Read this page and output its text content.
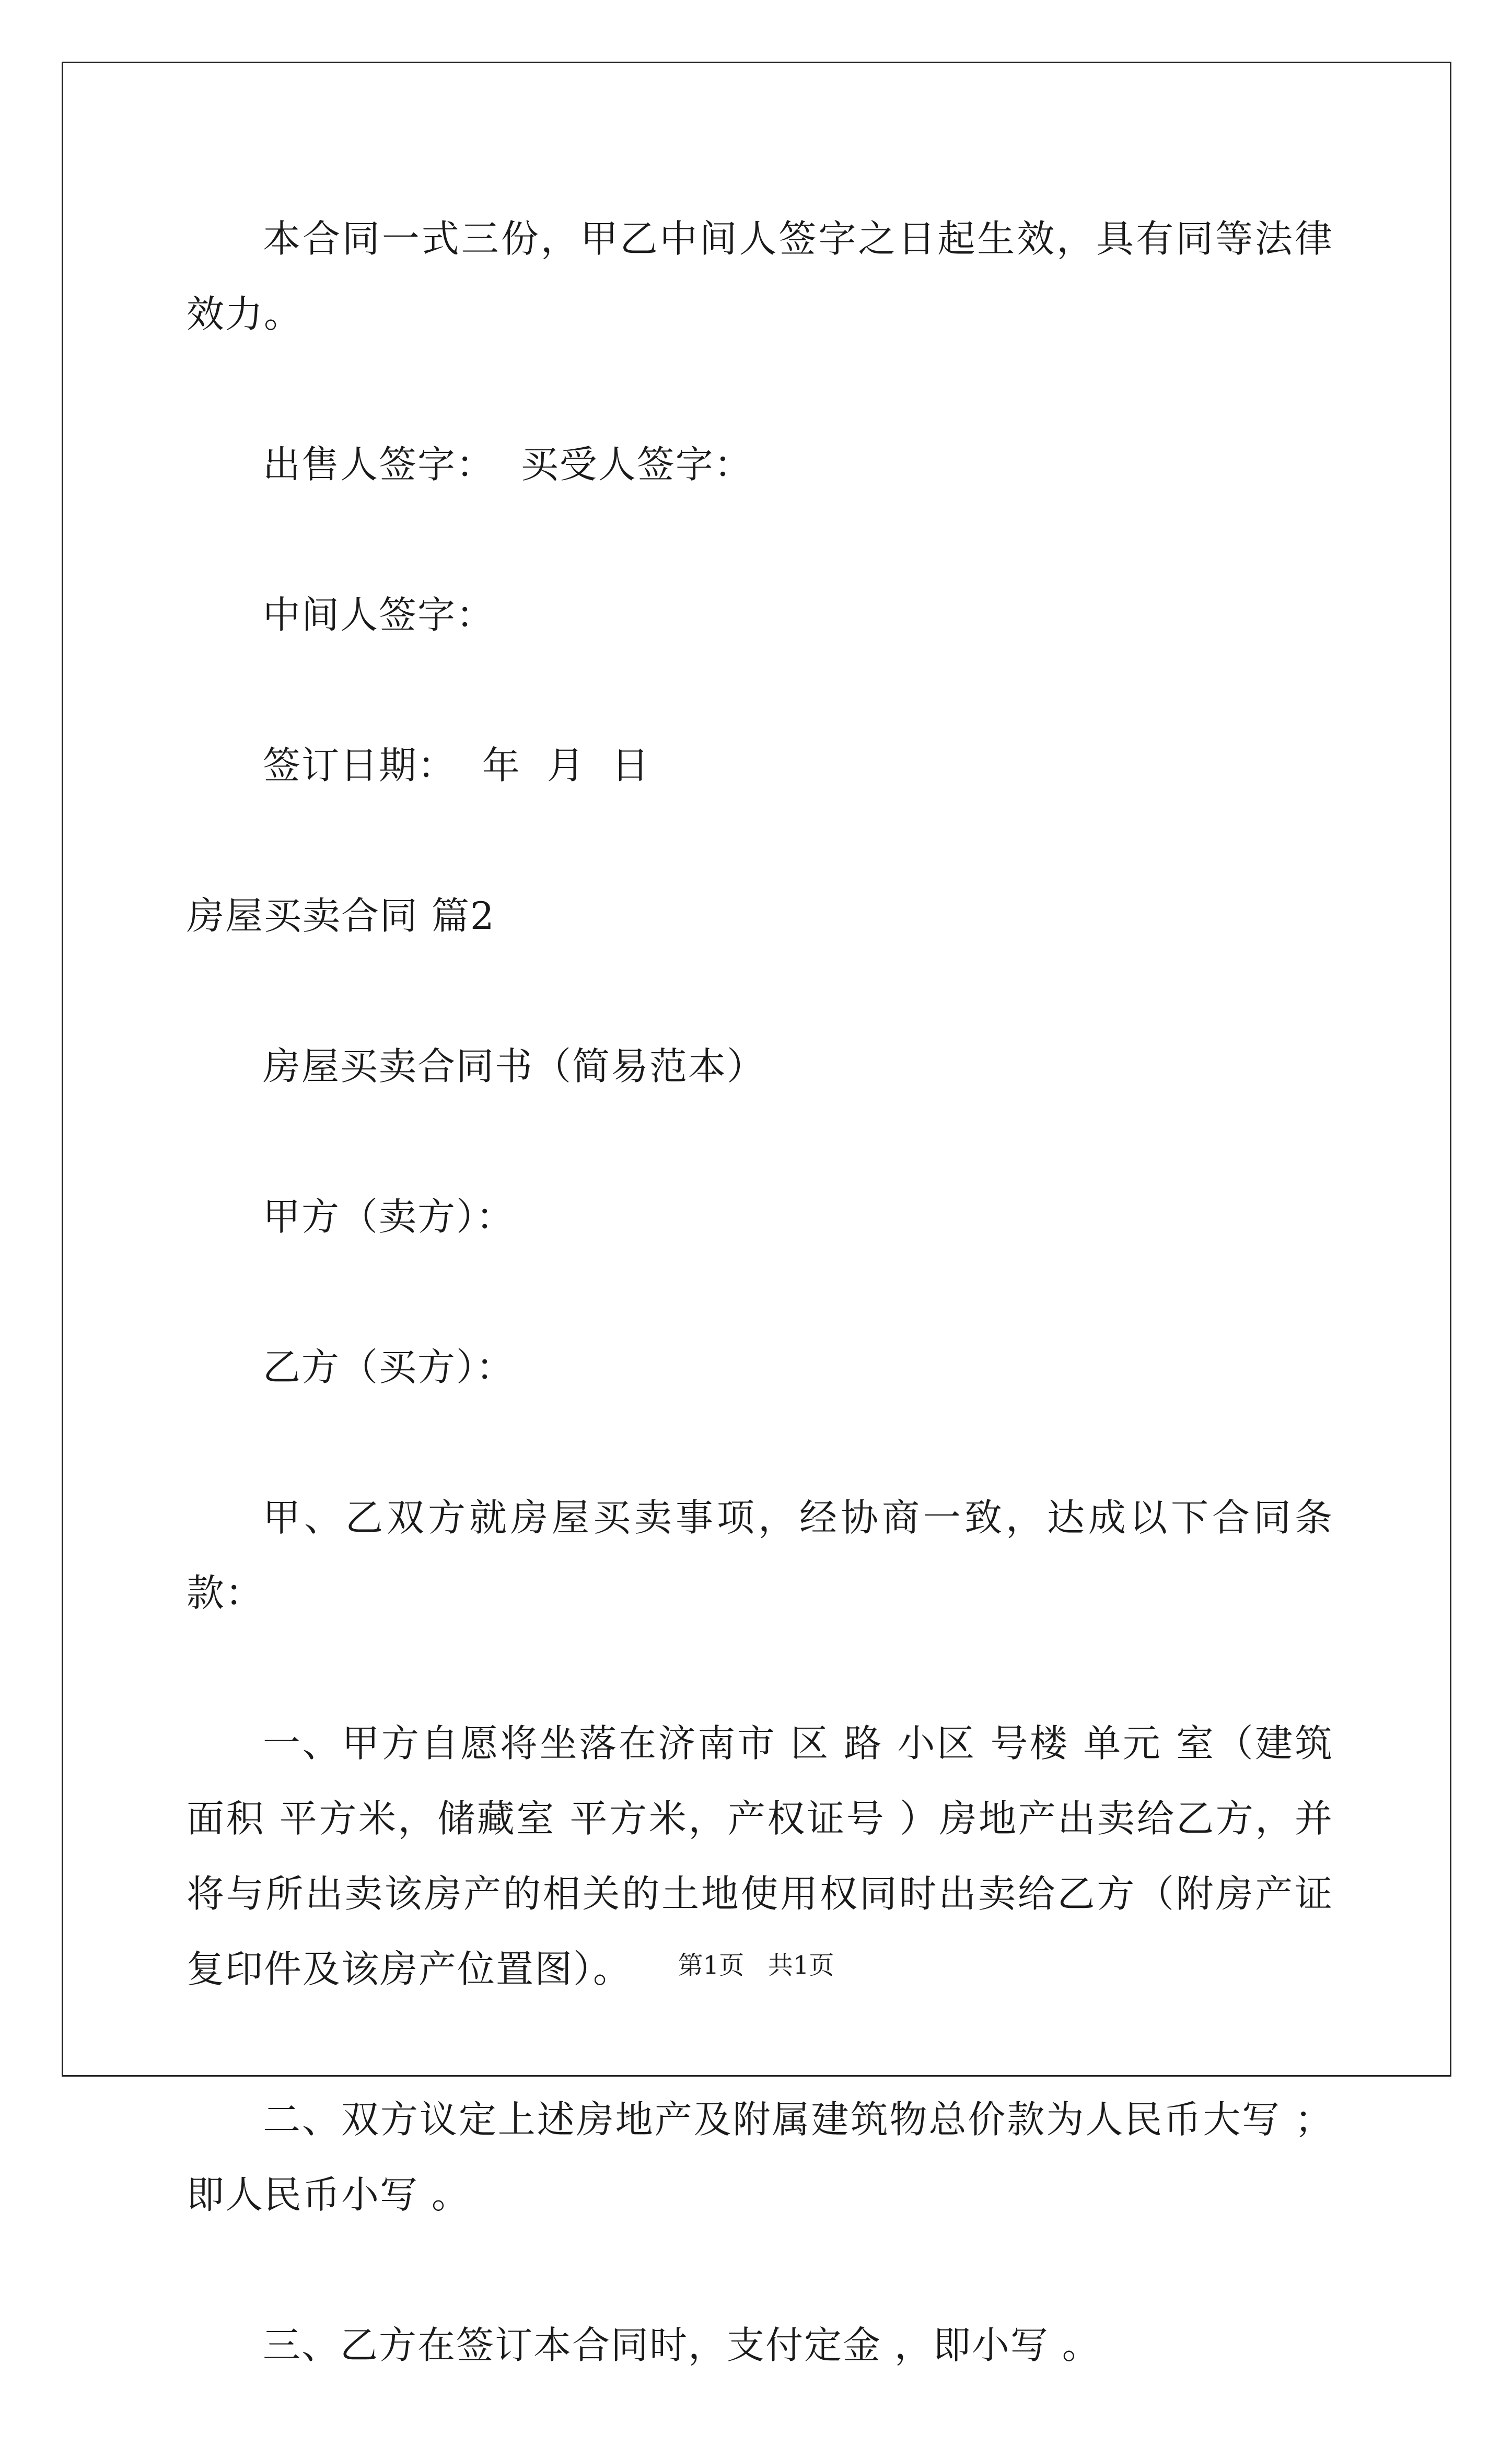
本合同一式三份，甲乙中间人签字之日起生效，具有同等法律效力。

出售人签字：  买受人签字：

中间人签字：

签订日期：  年  月  日

房屋买卖合同 篇2

房屋买卖合同书（简易范本）

甲方（卖方）：

乙方（买方）：

甲、乙双方就房屋买卖事项，经协商一致，达成以下合同条款：

一、甲方自愿将坐落在济南市 区 路 小区 号楼 单元 室（建筑面积 平方米，储藏室 平方米，产权证号 ）房地产出卖给乙方，并将与所出卖该房产的相关的土地使用权同时出卖给乙方（附房产证复印件及该房产位置图）。

二、双方议定上述房地产及附属建筑物总价款为人民币大写 ；即人民币小写 。

三、乙方在签订本合同时，支付定金 ，即小写 。

第1页   共1页
